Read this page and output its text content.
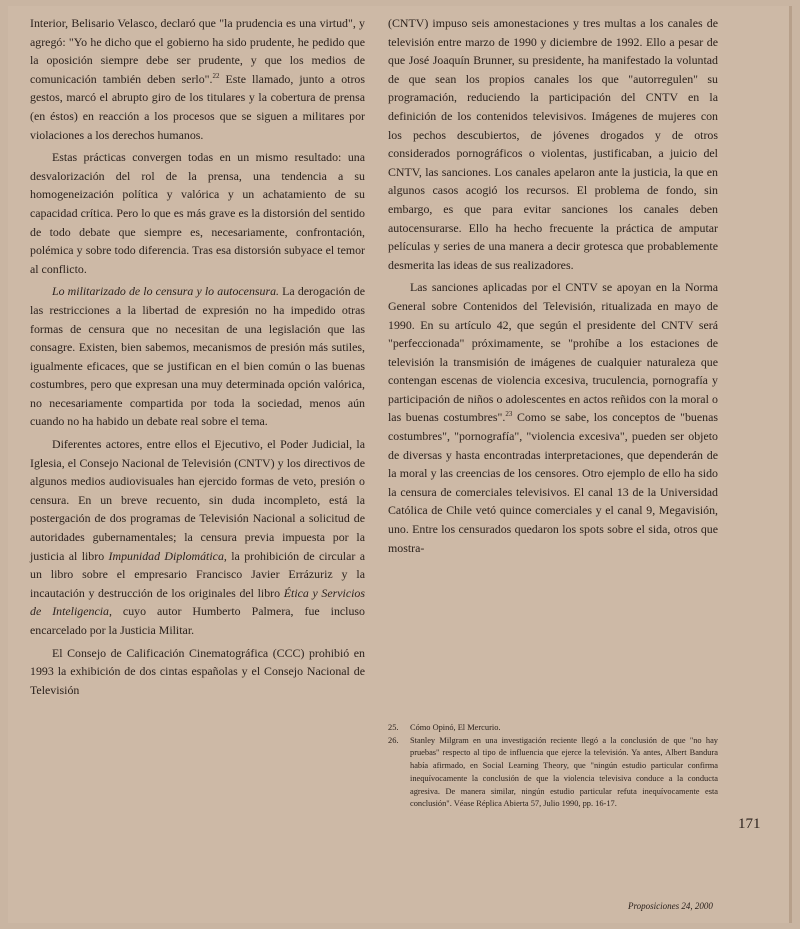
Interior, Belisario Velasco, declaró que "la prudencia es una virtud", y agregó: "Yo he dicho que el gobierno ha sido prudente, he pedido que la oposición siempre debe ser prudente, y que los medios de comunicación también deben serlo".$^{22}$ Este llamado, junto a otros gestos, marcó el abrupto giro de los titulares y la cobertura de prensa (en éstos) en reacción a los procesos que se siguen a militares por violaciones a los derechos humanos.

Estas prácticas convergen todas en un mismo resultado: una desvalorización del rol de la prensa, una tendencia a su homogeneización política y valórica y un achatamiento de su capacidad crítica. Pero lo que es más grave es la distorsión del sentido de todo debate que siempre es, necesariamente, confrontación, polémica y sobre todo diferencia. Tras esa distorsión subyace el temor al conflicto.

Lo militarizado de lo censura y lo autocensura. La derogación de las restricciones a la libertad de expresión no ha impedido otras formas de censura que no necesitan de una legislación que las consagre. Existen, bien sabemos, mecanismos de presión más sutiles, igualmente eficaces, que se justifican en el bien común o las buenas costumbres, pero que expresan una muy determinada opción valórica, no necesariamente compartida por toda la sociedad, menos aún cuando no ha habido un debate real sobre el tema.

Diferentes actores, entre ellos el Ejecutivo, el Poder Judicial, la Iglesia, el Consejo Nacional de Televisión (CNTV) y los directivos de algunos medios audiovisuales han ejercido formas de veto, presión o censura. En un breve recuento, sin duda incompleto, está la postergación de dos programas de Televisión Nacional a solicitud de autoridades gubernamentales; la censura previa impuesta por la justicia al libro Impunidad Diplomática, la prohibición de circular a un libro sobre el empresario Francisco Javier Errázuriz y la incautación y destrucción de los originales del libro Ética y Servicios de Inteligencia, cuyo autor Humberto Palmera, fue incluso encarcelado por la Justicia Militar.

El Consejo de Calificación Cinematográfica (CCC) prohibió en 1993 la exhibición de dos cintas españolas y el Consejo Nacional de Televisión

(CNTV) impuso seis amonestaciones y tres multas a los canales de televisión entre marzo de 1990 y diciembre de 1992. Ello a pesar de que José Joaquín Brunner, su presidente, ha manifestado la voluntad de que sean los propios canales los que "autorregulen" su programación, reduciendo la participación del CNTV en la definición de los contenidos televisivos. Imágenes de mujeres con los pechos descubiertos, de jóvenes drogados y de otros considerados pornográficos o violentas, justificaban, a juicio del CNTV, las sanciones. Los canales apelaron ante la justicia, la que en algunos casos acogió los recursos. El problema de fondo, sin embargo, es que para evitar sanciones los canales deben autocensurarse. Ello ha hecho frecuente la práctica de amputar películas y series de una manera a decir grotesca que probablemente desmerita las ideas de sus realizadores.

Las sanciones aplicadas por el CNTV se apoyan en la Norma General sobre Contenidos del Televisión, ritualizada en mayo de 1990. En su artículo 42, que según el presidente del CNTV será "perfeccionada" próximamente, se "prohíbe a los estaciones de televisión la transmisión de imágenes de cualquier naturaleza que contengan escenas de violencia excesiva, truculencia, pornografía y participación de niños o adolescentes en actos reñidos con la moral o las buenas costumbres".$^{23}$ Como se sabe, los conceptos de "buenas costumbres", "pornografía", "violencia excesiva", pueden ser objeto de diversas y hasta encontradas interpretaciones, que dependerán de la moral y las creencias de los censores. Otro ejemplo de ello ha sido la censura de comerciales televisivos. El canal 13 de la Universidad Católica de Chile vetó quince comerciales y el canal 9, Megavisión, uno. Entre los censurados quedaron los spots sobre el sida, otros que mostra-

25.	Cómo Opinó, El Mercurio.
26.	Stanley Milgram en una investigación reciente llegó a la conclusión de que "no hay pruebas" respecto al tipo de influencia que ejerce la televisión. Ya antes, Albert Bandura había afirmado, en Social Learning Theory, que "ningún estudio particular confirma inequívocamente la conclusión de que la violencia televisiva conduce a la conducta agresiva. De manera similar, ningún estudio particular refuta inequívocamente esta conclusión". Véase Réplica Abierta 57, Julio 1990, pp. 16-17.
171
Proposiciones 24, 2000
